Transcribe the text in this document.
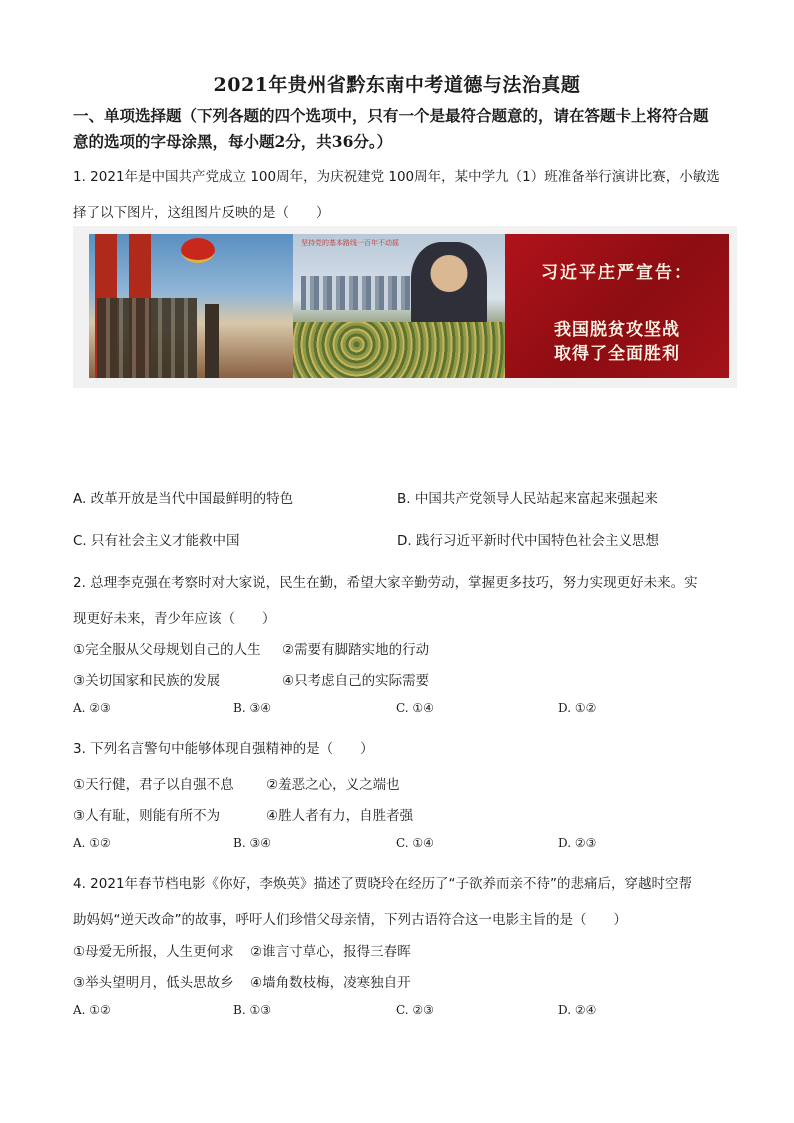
2021年贵州省黔东南中考道德与法治真题
一、单项选择题（下列各题的四个选项中，只有一个是最符合题意的，请在答题卡上将符合题意的选项的字母涂黑，每小题2分，共36分。）
1. 2021年是中国共产党成立 100周年，为庆祝建党 100周年，某中学九（1）班准备举行演讲比赛，小敏选
择了以下图片，这组图片反映的是（　　）
坚持党的基本路线一百年不动摇
习近平庄严宣告：
我国脱贫攻坚战
取得了全面胜利
A. 改革开放是当代中国最鲜明的特色	B. 中国共产党领导人民站起来富起来强起来
C. 只有社会主义才能救中国	D. 践行习近平新时代中国特色社会主义思想
2. 总理李克强在考察时对大家说，民生在勤，希望大家辛勤劳动，掌握更多技巧，努力实现更好未来。实
现更好未来，青少年应该（　　）
①完全服从父母规划自己的人生 ②需要有脚踏实地的行动
③关切国家和民族的发展	④只考虑自己的实际需要
A. ②③	B. ③④	C. ①④	D. ①②
3. 下列名言警句中能够体现自强精神的是（　　）
①天行健，君子以自强不息 ②羞恶之心，义之端也
③人有耻，则能有所不为	④胜人者有力，自胜者强
A. ①②	B. ③④	C. ①④	D. ②③
4. 2021年春节档电影《你好，李焕英》描述了贾晓玲在经历了“子欲养而亲不待”的悲痛后，穿越时空帮
助妈妈“逆天改命”的故事，呼吁人们珍惜父母亲情，下列古语符合这一电影主旨的是（　　）
①母爱无所报，人生更何求 ②谁言寸草心，报得三春晖
③举头望明月，低头思故乡 ④墙角数枝梅，凌寒独自开
A. ①②	B. ①③	C. ②③	D. ②④
